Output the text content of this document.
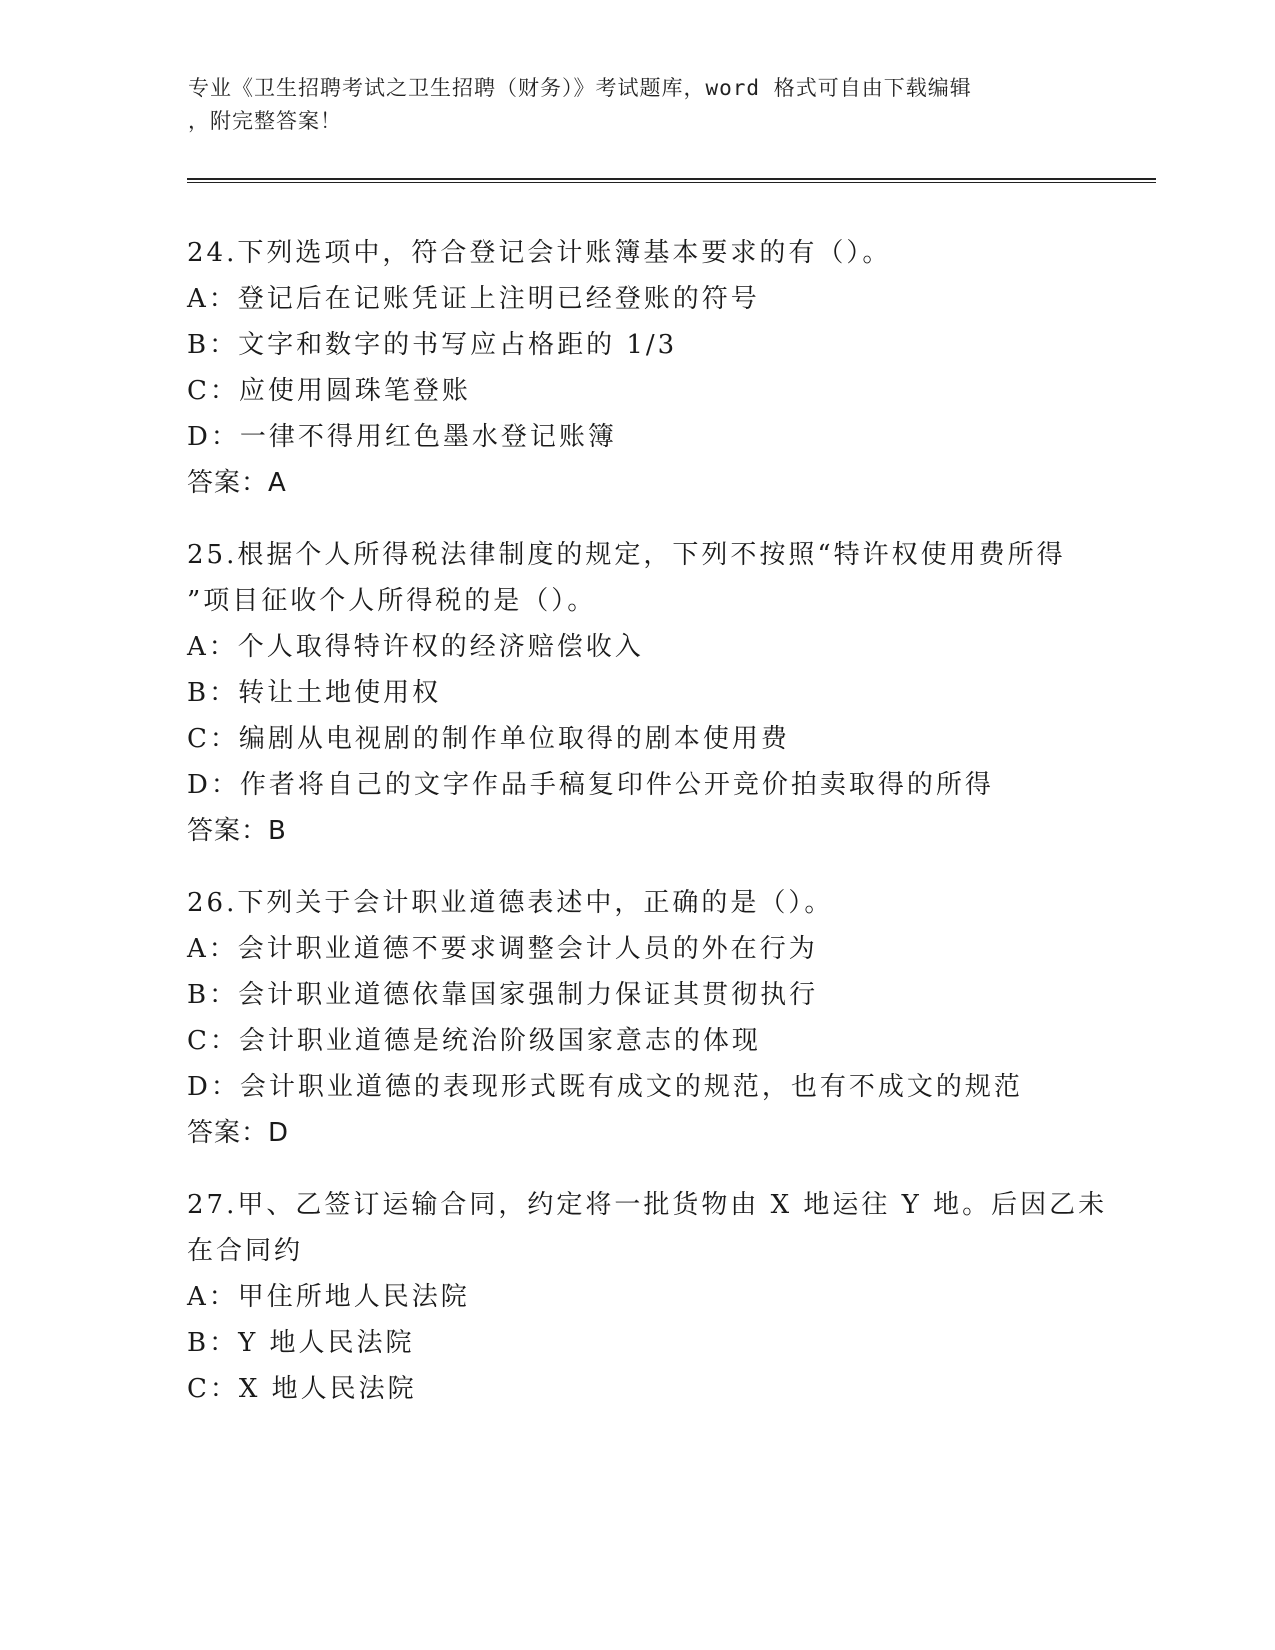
专业《卫生招聘考试之卫生招聘（财务）》考试题库，word 格式可自由下载编辑

，附完整答案！

24.下列选项中，符合登记会计账簿基本要求的有（）。

A：登记后在记账凭证上注明已经登账的符号

B：文字和数字的书写应占格距的 1/3

C：应使用圆珠笔登账

D：一律不得用红色墨水登记账簿

答案：A

25.根据个人所得税法律制度的规定，下列不按照“特许权使用费所得

”项目征收个人所得税的是（）。

A：个人取得特许权的经济赔偿收入

B：转让土地使用权

C：编剧从电视剧的制作单位取得的剧本使用费

D：作者将自己的文字作品手稿复印件公开竞价拍卖取得的所得

答案：B

26.下列关于会计职业道德表述中，正确的是（）。

A：会计职业道德不要求调整会计人员的外在行为

B：会计职业道德依靠国家强制力保证其贯彻执行

C：会计职业道德是统治阶级国家意志的体现

D：会计职业道德的表现形式既有成文的规范，也有不成文的规范

答案：D

27.甲、乙签订运输合同，约定将一批货物由 X 地运往 Y 地。后因乙未

在合同约

A：甲住所地人民法院

B：Y 地人民法院

C：X 地人民法院
